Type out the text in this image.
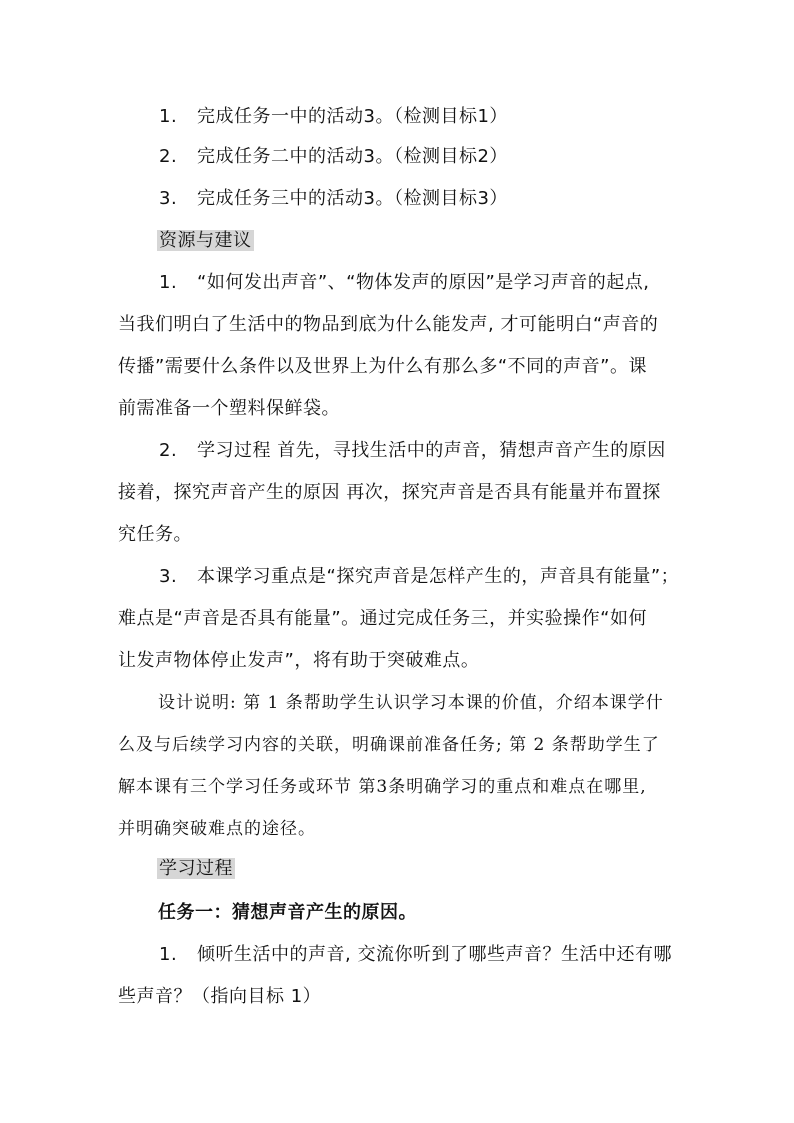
1. 完成任务一中的活动3。（检测目标1）
2. 完成任务二中的活动3。（检测目标2）
3. 完成任务三中的活动3。（检测目标3）
资源与建议
1. “如何发出声音”、“物体发声的原因”是学习声音的起点,
当我们明白了生活中的物品到底为什么能发声, 才可能明白“声音的
传播”需要什么条件以及世界上为什么有那么多“不同的声音”。课
前需准备一个塑料保鲜袋。
2. 学习过程 首先，寻找生活中的声音，猜想声音产生的原因
接着，探究声音产生的原因 再次，探究声音是否具有能量并布置探
究任务。
3. 本课学习重点是“探究声音是怎样产生的，声音具有能量”；
难点是“声音是否具有能量”。通过完成任务三，并实验操作“如何
让发声物体停止发声”，将有助于突破难点。
设计说明: 第 1 条帮助学生认识学习本课的价值，介绍本课学什
么及与后续学习内容的关联，明确课前准备任务; 第 2 条帮助学生了
解本课有三个学习任务或环节 第3条明确学习的重点和难点在哪里,
并明确突破难点的途径。
学习过程
任务一：猜想声音产生的原因。
1. 倾听生活中的声音, 交流你听到了哪些声音？生活中还有哪
些声音？（指向目标 1）
